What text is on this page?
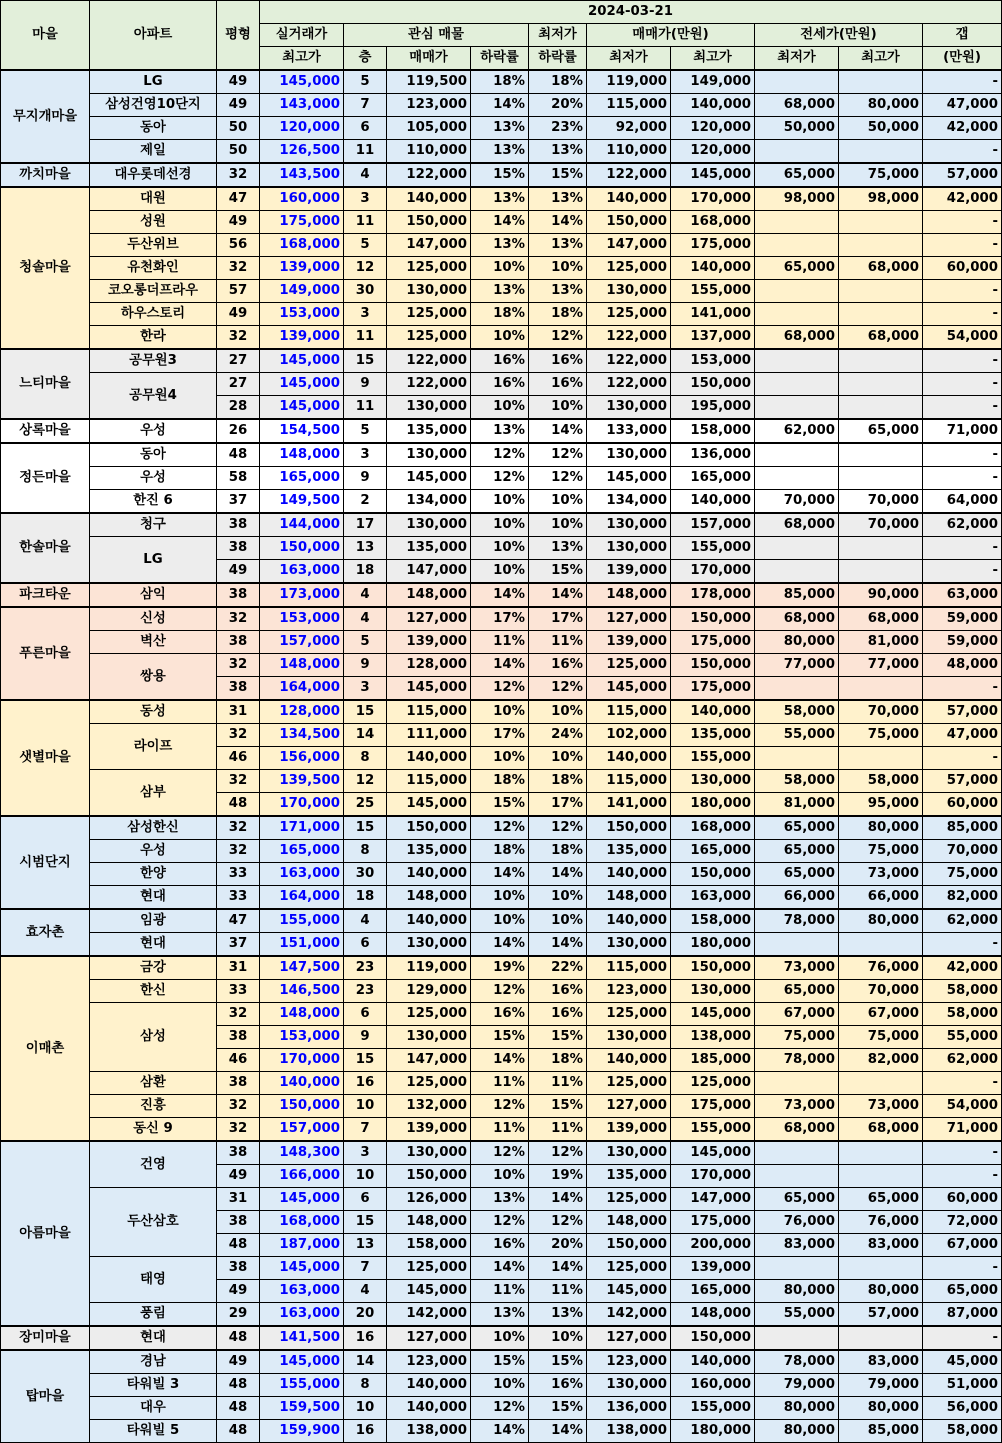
마을	아파트	평형	2024-03-21									
			실거래가	관심 매물			최저가	매매가(만원)		전세가(만원)		갭
			최고가	층	매매가	하락률	하락률	최저가	최고가	최저가	최고가	(만원)
무지개마을	LG	49	145,000	5	119,500	18%	18%	119,000	149,000			-
	삼성건영10단지	49	143,000	7	123,000	14%	20%	115,000	140,000	68,000	80,000	47,000
	동아	50	120,000	6	105,000	13%	23%	92,000	120,000	50,000	50,000	42,000
	제일	50	126,500	11	110,000	13%	13%	110,000	120,000			-
까치마을	대우롯데선경	32	143,500	4	122,000	15%	15%	122,000	145,000	65,000	75,000	57,000
청솔마을	대원	47	160,000	3	140,000	13%	13%	140,000	170,000	98,000	98,000	42,000
	성원	49	175,000	11	150,000	14%	14%	150,000	168,000			-
	두산위브	56	168,000	5	147,000	13%	13%	147,000	175,000			-
	유천화인	32	139,000	12	125,000	10%	10%	125,000	140,000	65,000	68,000	60,000
	코오롱더프라우	57	149,000	30	130,000	13%	13%	130,000	155,000			-
	하우스토리	49	153,000	3	125,000	18%	18%	125,000	141,000			-
	한라	32	139,000	11	125,000	10%	12%	122,000	137,000	68,000	68,000	54,000
느티마을	공무원3	27	145,000	15	122,000	16%	16%	122,000	153,000			-
	공무원4	27	145,000	9	122,000	16%	16%	122,000	150,000			-
		28	145,000	11	130,000	10%	10%	130,000	195,000			-
상록마을	우성	26	154,500	5	135,000	13%	14%	133,000	158,000	62,000	65,000	71,000
정든마을	동아	48	148,000	3	130,000	12%	12%	130,000	136,000			-
	우성	58	165,000	9	145,000	12%	12%	145,000	165,000			-
	한진 6	37	149,500	2	134,000	10%	10%	134,000	140,000	70,000	70,000	64,000
한솔마을	청구	38	144,000	17	130,000	10%	10%	130,000	157,000	68,000	70,000	62,000
	LG	38	150,000	13	135,000	10%	13%	130,000	155,000			-
		49	163,000	18	147,000	10%	15%	139,000	170,000			-
파크타운	삼익	38	173,000	4	148,000	14%	14%	148,000	178,000	85,000	90,000	63,000
푸른마을	신성	32	153,000	4	127,000	17%	17%	127,000	150,000	68,000	68,000	59,000
	벽산	38	157,000	5	139,000	11%	11%	139,000	175,000	80,000	81,000	59,000
	쌍용	32	148,000	9	128,000	14%	16%	125,000	150,000	77,000	77,000	48,000
		38	164,000	3	145,000	12%	12%	145,000	175,000			-
샛별마을	동성	31	128,000	15	115,000	10%	10%	115,000	140,000	58,000	70,000	57,000
	라이프	32	134,500	14	111,000	17%	24%	102,000	135,000	55,000	75,000	47,000
		46	156,000	8	140,000	10%	10%	140,000	155,000			-
	삼부	32	139,500	12	115,000	18%	18%	115,000	130,000	58,000	58,000	57,000
		48	170,000	25	145,000	15%	17%	141,000	180,000	81,000	95,000	60,000
시범단지	삼성한신	32	171,000	15	150,000	12%	12%	150,000	168,000	65,000	80,000	85,000
	우성	32	165,000	8	135,000	18%	18%	135,000	165,000	65,000	75,000	70,000
	한양	33	163,000	30	140,000	14%	14%	140,000	150,000	65,000	73,000	75,000
	현대	33	164,000	18	148,000	10%	10%	148,000	163,000	66,000	66,000	82,000
효자촌	임광	47	155,000	4	140,000	10%	10%	140,000	158,000	78,000	80,000	62,000
	현대	37	151,000	6	130,000	14%	14%	130,000	180,000			-
이매촌	금강	31	147,500	23	119,000	19%	22%	115,000	150,000	73,000	76,000	42,000
	한신	33	146,500	23	129,000	12%	16%	123,000	130,000	65,000	70,000	58,000
	삼성	32	148,000	6	125,000	16%	16%	125,000	145,000	67,000	67,000	58,000
		38	153,000	9	130,000	15%	15%	130,000	138,000	75,000	75,000	55,000
		46	170,000	15	147,000	14%	18%	140,000	185,000	78,000	82,000	62,000
	삼환	38	140,000	16	125,000	11%	11%	125,000	125,000			-
	진흥	32	150,000	10	132,000	12%	15%	127,000	175,000	73,000	73,000	54,000
	동신 9	32	157,000	7	139,000	11%	11%	139,000	155,000	68,000	68,000	71,000
아름마을	건영	38	148,300	3	130,000	12%	12%	130,000	145,000			-
		49	166,000	10	150,000	10%	19%	135,000	170,000			-
	두산삼호	31	145,000	6	126,000	13%	14%	125,000	147,000	65,000	65,000	60,000
		38	168,000	15	148,000	12%	12%	148,000	175,000	76,000	76,000	72,000
		48	187,000	13	158,000	16%	20%	150,000	200,000	83,000	83,000	67,000
	태영	38	145,000	7	125,000	14%	14%	125,000	139,000			-
		49	163,000	4	145,000	11%	11%	145,000	165,000	80,000	80,000	65,000
	풍림	29	163,000	20	142,000	13%	13%	142,000	148,000	55,000	57,000	87,000
장미마을	현대	48	141,500	16	127,000	10%	10%	127,000	150,000			-
탑마을	경남	49	145,000	14	123,000	15%	15%	123,000	140,000	78,000	83,000	45,000
	타워빌 3	48	155,000	8	140,000	10%	16%	130,000	160,000	79,000	79,000	51,000
	대우	48	159,500	10	140,000	12%	15%	136,000	155,000	80,000	80,000	56,000
	타워빌 5	48	159,900	16	138,000	14%	14%	138,000	180,000	80,000	85,000	58,000
